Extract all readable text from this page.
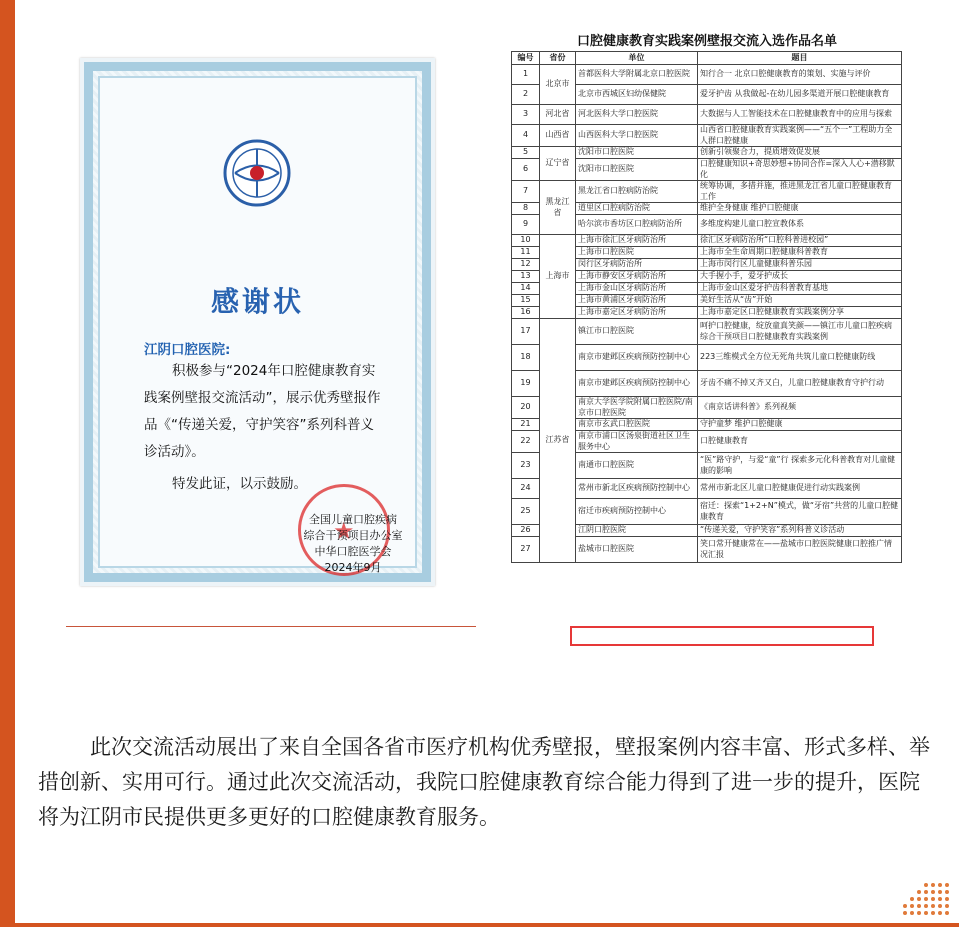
感谢状
江阴口腔医院:
积极参与“2024年口腔健康教育实践案例壁报交流活动”，展示优秀壁报作品《“传递关爱，守护笑容”系列科普义诊活动》。
特发此证，以示鼓励。
★
全国儿童口腔疾病
综合干预项目办公室
中华口腔医学会
2024年9月
口腔健康教育实践案例壁报交流入选作品名单
编号	省份	单位	题目
1	北京市	首都医科大学附属北京口腔医院	知行合一 北京口腔健康教育的策划、实施与评价
2		北京市西城区妇幼保健院	爱牙护齿 从我做起-在幼儿园多渠道开展口腔健康教育
3	河北省	河北医科大学口腔医院	大数据与人工智能技术在口腔健康教育中的应用与探索
4	山西省	山西医科大学口腔医院	山西省口腔健康教育实践案例——“五个一”工程助力全人群口腔健康
5	辽宁省	沈阳市口腔医院	创新引领聚合力，提质增效促发展
6		沈阳市口腔医院	口腔健康知识+奇思妙想+协同合作=深入人心+潜移默化
7	黑龙江省	黑龙江省口腔病防治院	统筹协调，多措并施，推进黑龙江省儿童口腔健康教育工作
8		道里区口腔病防治院	维护全身健康 维护口腔健康
9		哈尔滨市香坊区口腔病防治所	多维度构建儿童口腔宣教体系
10	上海市	上海市徐汇区牙病防治所	徐汇区牙病防治所“口腔科普进校园”
11		上海市口腔医院	上海市全生命周期口腔健康科普教育
12		闵行区牙病防治所	上海市闵行区儿童健康科普乐园
13		上海市静安区牙病防治所	大手握小手，爱牙护成长
14		上海市金山区牙病防治所	上海市金山区爱牙护齿科普教育基地
15		上海市黄浦区牙病防治所	美好生活从“齿”开始
16		上海市嘉定区牙病防治所	上海市嘉定区口腔健康教育实践案例分享
17	江苏省	镇江市口腔医院	呵护口腔健康，绽放童真笑颜——镇江市儿童口腔疾病综合干预项目口腔健康教育实践案例
18		南京市建邺区疾病预防控制中心	223三维模式全方位无死角共筑儿童口腔健康防线
19		南京市建邺区疾病预防控制中心	牙齿不痛不掉又齐又白，儿童口腔健康教育守护行动
20		南京大学医学院附属口腔医院/南京市口腔医院	《南京话讲科普》系列视频
21		南京市玄武口腔医院	守护童梦 维护口腔健康
22		南京市浦口区汤泉街道社区卫生服务中心	口腔健康教育
23		南通市口腔医院	“医”路守护，与爱“童”行 探索多元化科普教育对儿童健康的影响
24		常州市新北区疾病预防控制中心	常州市新北区儿童口腔健康促进行动实践案例
25		宿迁市疾病预防控制中心	宿迁：探索“1+2+N”模式，做“牙宿”共营的儿童口腔健康教育
26		江阴口腔医院	“传递关爱，守护笑容”系列科普义诊活动
27		盐城市口腔医院	笑口常开健康常在——盐城市口腔医院健康口腔推广情况汇报
此次交流活动展出了来自全国各省市医疗机构优秀壁报，壁报案例内容丰富、形式多样、举措创新、实用可行。通过此次交流活动，我院口腔健康教育综合能力得到了进一步的提升，医院将为江阴市民提供更多更好的口腔健康教育服务。
